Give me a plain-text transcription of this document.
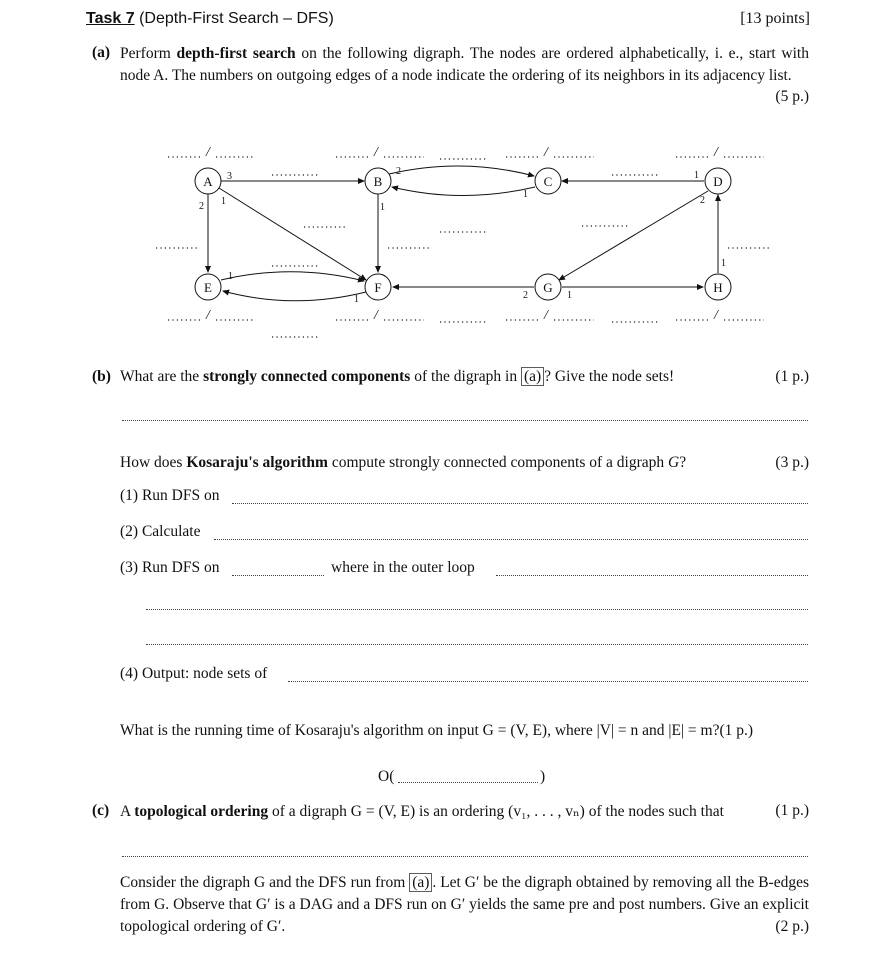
Task 7 (Depth-First Search – DFS)	[13 points]
(a) Perform depth-first search on the following digraph. The nodes are ordered alphabetically, i. e., start with node A. The numbers on outgoing edges of a node indicate the ordering of its neighbors in its adjacency list.
(5 p.)
/	/	/	/
/	/	/	/
A	B	C	D
E	F	G	H
3
1
2
2
1
1
1
2
1
1	2	1
1
(b) What are the strongly connected components of the digraph in (a) ? Give the node sets!	(1 p.)
How does Kosaraju's algorithm compute strongly connected components of a digraph G?	(3 p.)
(1) Run DFS on
(2) Calculate
(3) Run DFS on	where in the outer loop
(4) Output: node sets of
What is the running time of Kosaraju's algorithm on input G = (V, E), where |V| = n and |E| = m?(1 p.)
O(	)
(c) A topological ordering of a digraph G = (V, E) is an ordering (v₁, . . . , vₙ) of the nodes such that	(1 p.)
Consider the digraph G and the DFS run from (a) . Let G′ be the digraph obtained by removing all the B-edges from G. Observe that G′ is a DAG and a DFS run on G′ yields the same pre and post numbers. Give an explicit topological ordering of G′.	(2 p.)
